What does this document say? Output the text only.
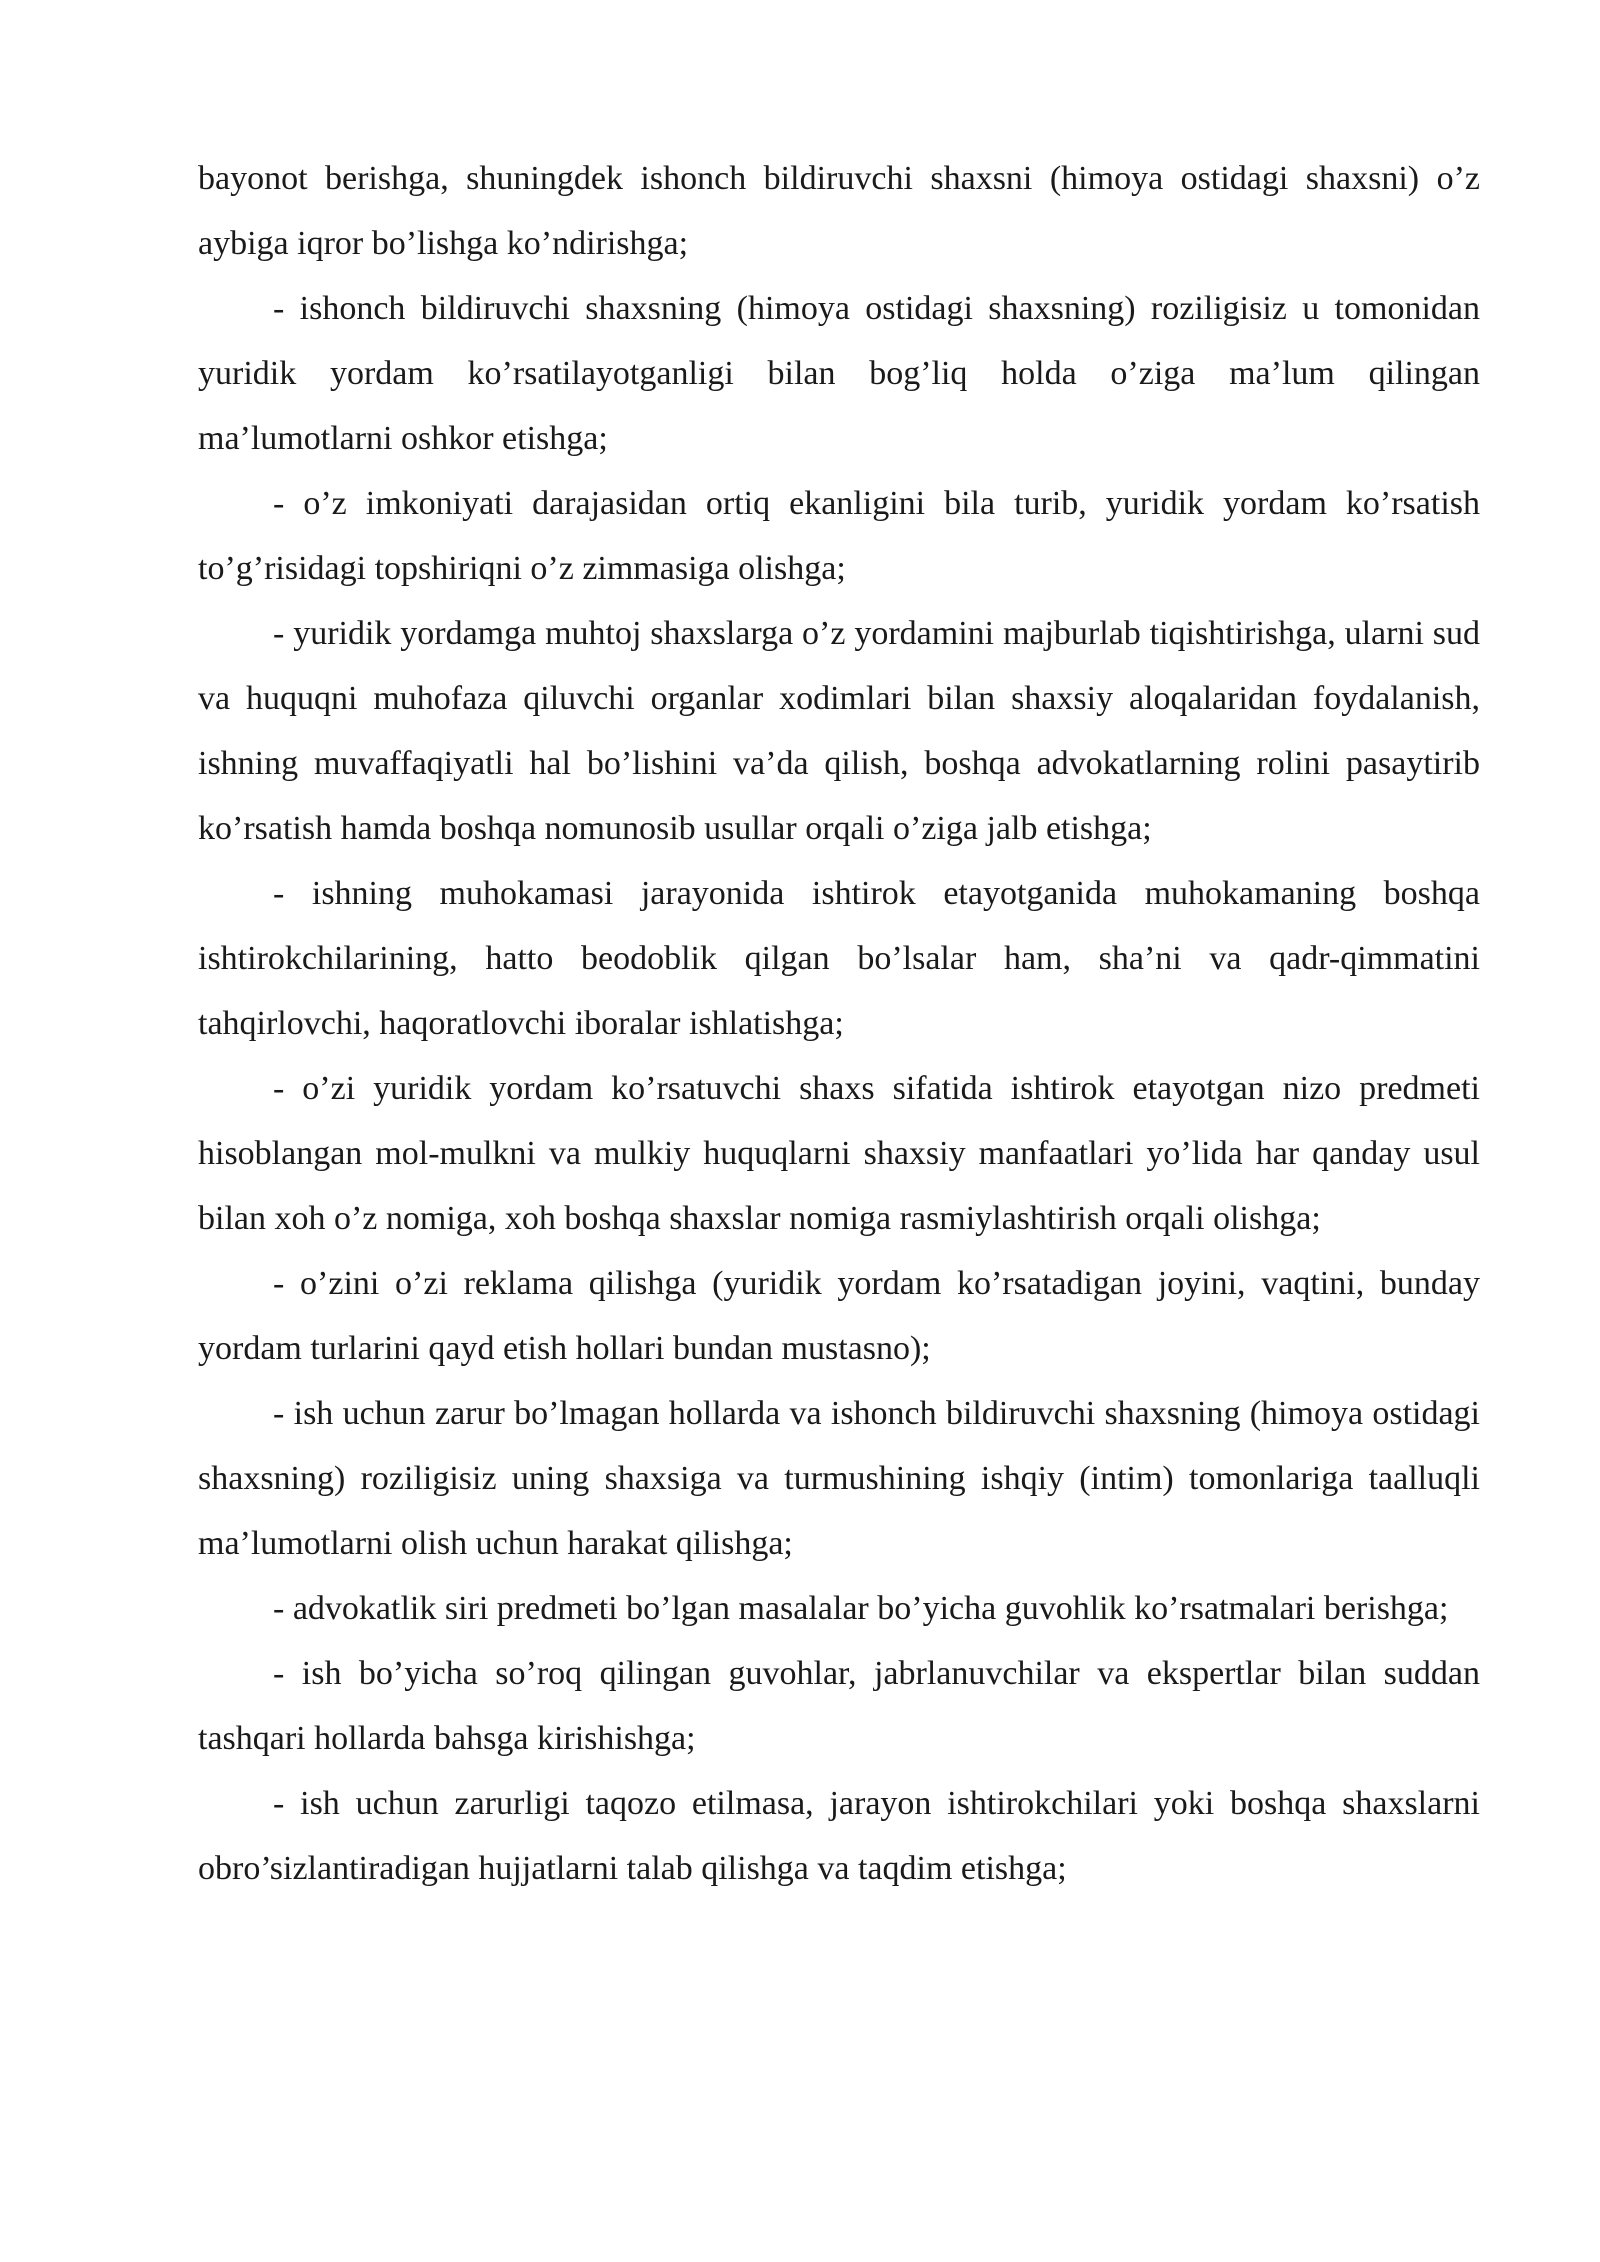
bayonot berishga, shuningdek ishonch bildiruvchi shaxsni (himoya ostidagi shaxsni) o’z aybiga iqror bo’lishga ko’ndirishga;

- ishonch bildiruvchi shaxsning (himoya ostidagi shaxsning) roziligisiz u tomonidan yuridik yordam ko’rsatilayotganligi bilan bog’liq holda o’ziga ma’lum qilingan ma’lumotlarni oshkor etishga;

- o’z imkoniyati darajasidan ortiq ekanligini bila turib, yuridik yordam ko’rsatish to’g’risidagi topshiriqni o’z zimmasiga olishga;

- yuridik yordamga muhtoj shaxslarga o’z yordamini majburlab tiqishtirishga, ularni sud va huquqni muhofaza qiluvchi organlar xodimlari bilan shaxsiy aloqalaridan foydalanish, ishning muvaffaqiyatli hal bo’lishini va’da qilish, boshqa advokatlarning rolini pasaytirib ko’rsatish hamda boshqa nomunosib usullar orqali o’ziga jalb etishga;

- ishning muhokamasi jarayonida ishtirok etayotganida muhokamaning boshqa ishtirokchilarining, hatto beodoblik qilgan bo’lsalar ham, sha’ni va qadr-qimmatini tahqirlovchi, haqoratlovchi iboralar ishlatishga;

- o’zi yuridik yordam ko’rsatuvchi shaxs sifatida ishtirok etayotgan nizo predmeti hisoblangan mol-mulkni va mulkiy huquqlarni shaxsiy manfaatlari yo’lida har qanday usul bilan xoh o’z nomiga, xoh boshqa shaxslar nomiga rasmiylashtirish orqali olishga;

- o’zini o’zi reklama qilishga (yuridik yordam ko’rsatadigan joyini, vaqtini, bunday yordam turlarini qayd etish hollari bundan mustasno);

- ish uchun zarur bo’lmagan hollarda va ishonch bildiruvchi shaxsning (himoya ostidagi shaxsning) roziligisiz uning shaxsiga va turmushining ishqiy (intim) tomonlariga taalluqli ma’lumotlarni olish uchun harakat qilishga;

- advokatlik siri predmeti bo’lgan masalalar bo’yicha guvohlik ko’rsatmalari berishga;

- ish bo’yicha so’roq qilingan guvohlar, jabrlanuvchilar va ekspertlar bilan suddan tashqari hollarda bahsga kirishishga;

- ish uchun zarurligi taqozo etilmasa, jarayon ishtirokchilari yoki boshqa shaxslarni obro’sizlantiradigan hujjatlarni talab qilishga va taqdim etishga;
